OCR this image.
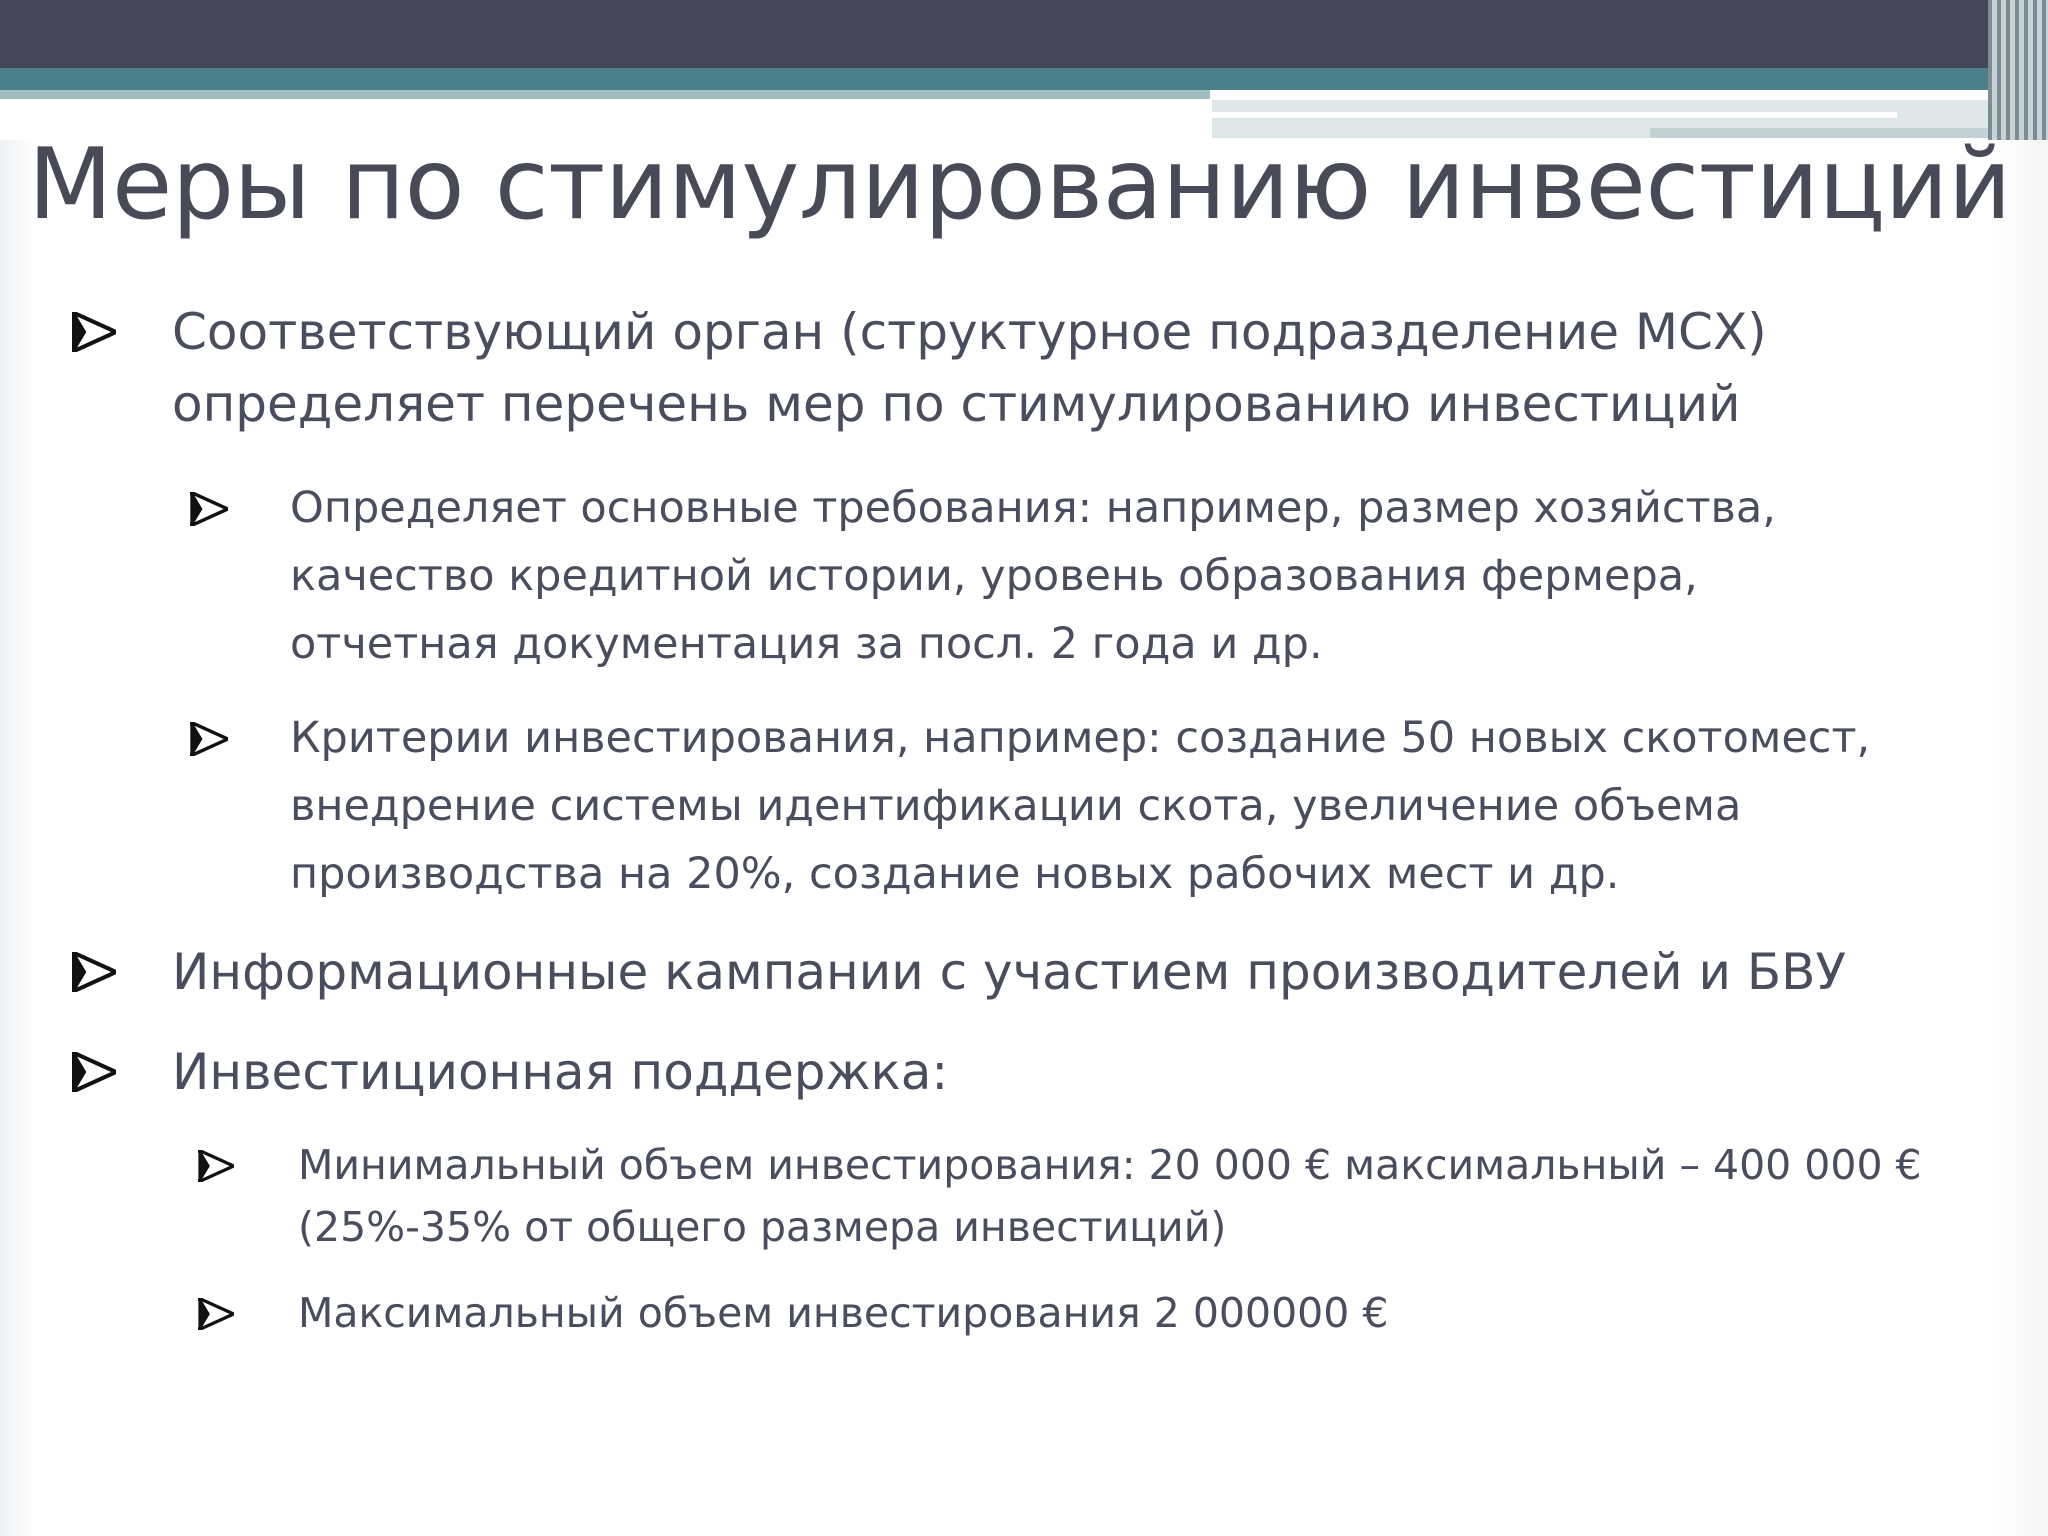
Меры по стимулированию инвестиций
Соответствующий орган (структурное подразделение МСХ)
определяет перечень мер по стимулированию инвестиций
Определяет основные требования: например, размер хозяйства,
качество кредитной истории, уровень образования фермера,
отчетная документация за посл. 2 года и др.
Критерии инвестирования, например: создание 50 новых скотомест,
внедрение системы идентификации скота, увеличение объема
производства на 20%, создание новых рабочих мест и др.
Информационные кампании с участием производителей и БВУ
Инвестиционная поддержка:
Минимальный объем инвестирования: 20 000 € максимальный – 400 000 €
(25%-35% от общего размера инвестиций)
Максимальный объем инвестирования 2 000000 €
